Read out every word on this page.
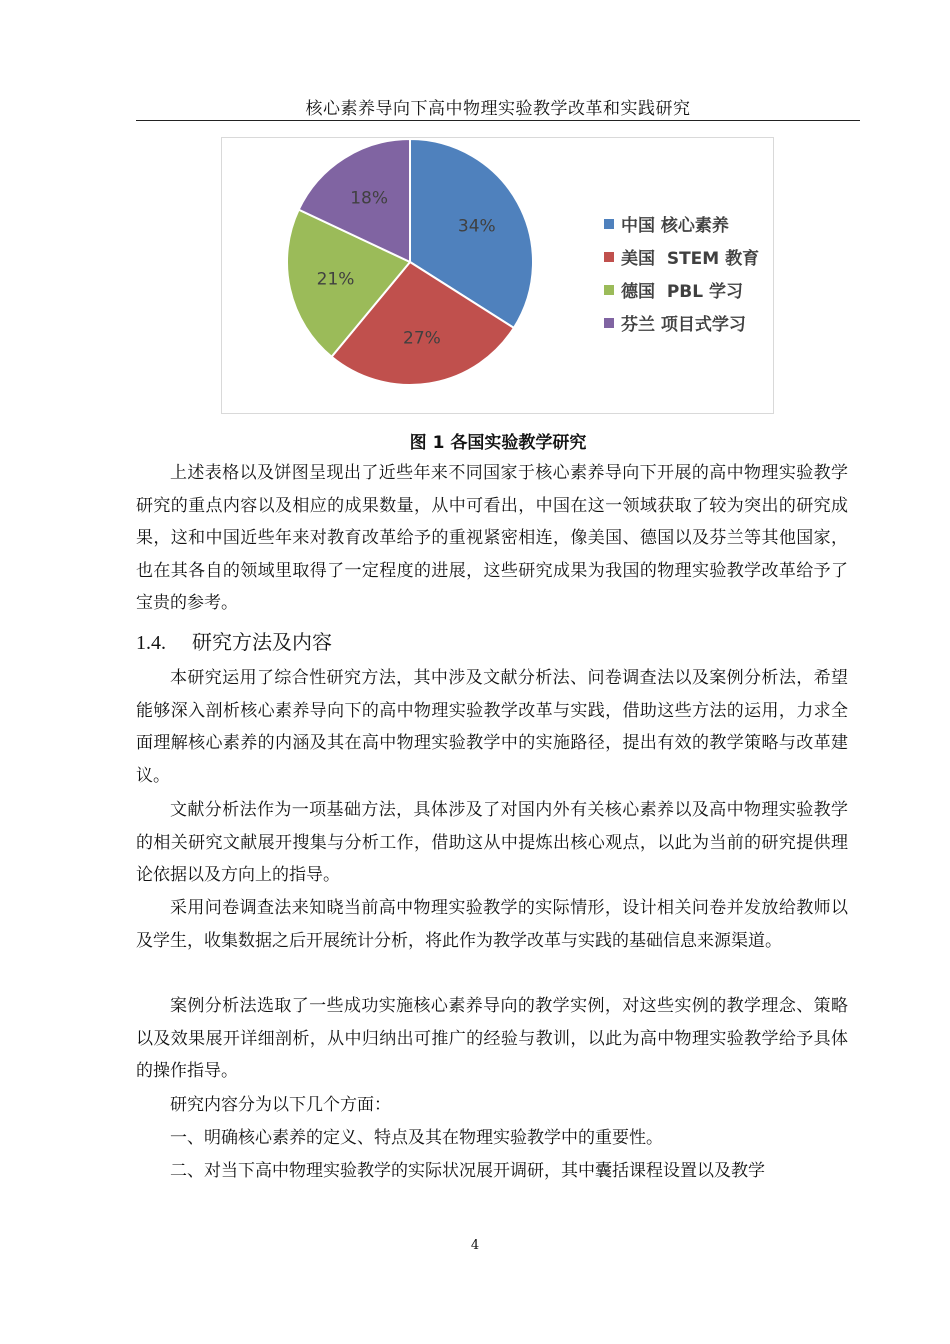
核心素养导向下高中物理实验教学改革和实践研究
34%
27%
21%
18%
中国 核心素养
美国  STEM 教育
德国  PBL 学习
芬兰 项目式学习
图 1 各国实验教学研究

上述表格以及饼图呈现出了近些年来不同国家于核心素养导向下开展的高中物理实验教学研究的重点内容以及相应的成果数量，从中可看出，中国在这一领域获取了较为突出的研究成果，这和中国近些年来对教育改革给予的重视紧密相连，像美国、德国以及芬兰等其他国家，也在其各自的领域里取得了一定程度的进展，这些研究成果为我国的物理实验教学改革给予了宝贵的参考。

1.4. 研究方法及内容

本研究运用了综合性研究方法，其中涉及文献分析法、问卷调查法以及案例分析法，希望能够深入剖析核心素养导向下的高中物理实验教学改革与实践，借助这些方法的运用，力求全面理解核心素养的内涵及其在高中物理实验教学中的实施路径，提出有效的教学策略与改革建议。

文献分析法作为一项基础方法，具体涉及了对国内外有关核心素养以及高中物理实验教学的相关研究文献展开搜集与分析工作，借助这从中提炼出核心观点，以此为当前的研究提供理论依据以及方向上的指导。

采用问卷调查法来知晓当前高中物理实验教学的实际情形，设计相关问卷并发放给教师以及学生，收集数据之后开展统计分析，将此作为教学改革与实践的基础信息来源渠道。

案例分析法选取了一些成功实施核心素养导向的教学实例，对这些实例的教学理念、策略以及效果展开详细剖析，从中归纳出可推广的经验与教训，以此为高中物理实验教学给予具体的操作指导。

研究内容分为以下几个方面：

一、明确核心素养的定义、特点及其在物理实验教学中的重要性。

二、对当下高中物理实验教学的实际状况展开调研，其中囊括课程设置以及教学

4
